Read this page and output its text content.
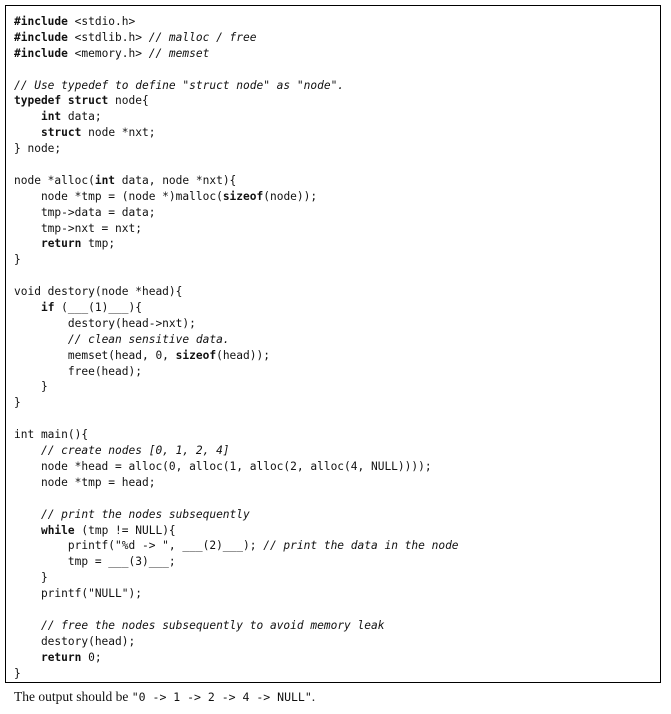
#include <stdio.h>
#include <stdlib.h> // malloc / free
#include <memory.h> // memset
// Use typedef to define "struct node" as "node".
typedef struct node{
int data;
struct node *nxt;
} node;
node *alloc(int data, node *nxt){
node *tmp = (node *)malloc(sizeof(node));
tmp->data = data;
tmp->nxt = nxt;
return tmp;
}
void destory(node *head){
if (___(1)___){
destory(head->nxt);
// clean sensitive data.
memset(head, 0, sizeof(head));
free(head);
}
}
int main(){
// create nodes [0, 1, 2, 4]
node *head = alloc(0, alloc(1, alloc(2, alloc(4, NULL))));
node *tmp = head;
// print the nodes subsequently
while (tmp != NULL){
printf("%d -> ", ___(2)___); // print the data in the node
tmp = ___(3)___;
}
printf("NULL");
// free the nodes subsequently to avoid memory leak
destory(head);
return 0;
}
The output should be "0 -> 1 -> 2 -> 4 -> NULL".
